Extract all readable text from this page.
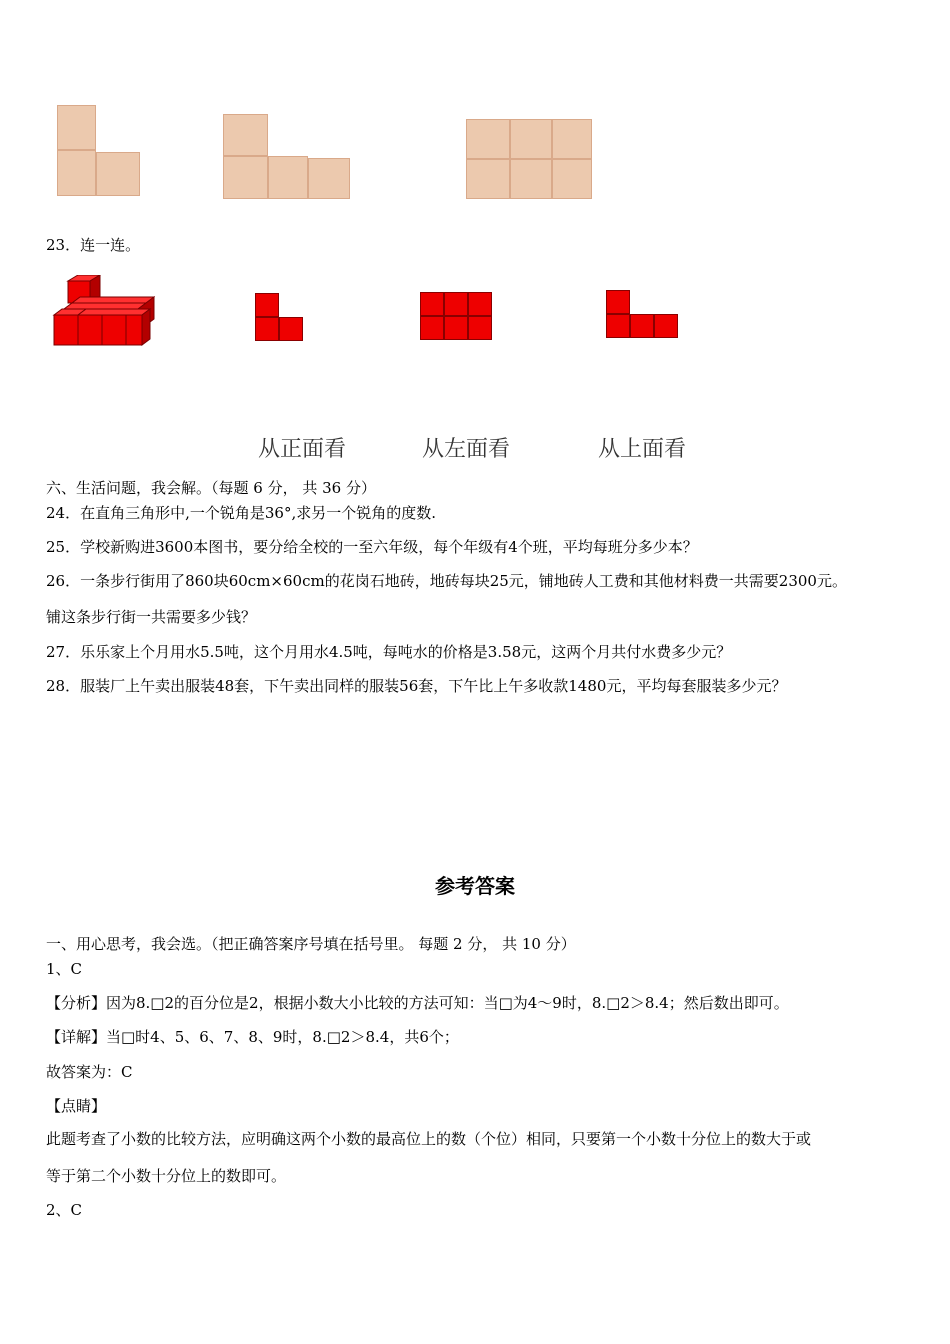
23．连一连。
从正面看	从左面看	从上面看
六、生活问题，我会解。（每题 6 分， 共 36 分）
24．在直角三角形中,一个锐角是36°,求另一个锐角的度数.
25．学校新购进3600本图书，要分给全校的一至六年级，每个年级有4个班，平均每班分多少本？
26．一条步行街用了860块60cm×60cm的花岗石地砖，地砖每块25元，铺地砖人工费和其他材料费一共需要2300元。
铺这条步行街一共需要多少钱？
27．乐乐家上个月用水5.5吨，这个月用水4.5吨，每吨水的价格是3.58元，这两个月共付水费多少元？
28．服装厂上午卖出服装48套，下午卖出同样的服装56套，下午比上午多收款1480元，平均每套服装多少元？
参考答案
一、用心思考，我会选。（把正确答案序号填在括号里。 每题 2 分， 共 10 分）
1、C
【分析】因为8.□2的百分位是2，根据小数大小比较的方法可知：当□为4～9时，8.□2＞8.4；然后数出即可。
【详解】当□时4、5、6、7、8、9时，8.□2＞8.4，共6个；
故答案为：C
【点睛】
此题考查了小数的比较方法，应明确这两个小数的最高位上的数（个位）相同，只要第一个小数十分位上的数大于或
等于第二个小数十分位上的数即可。
2、C
